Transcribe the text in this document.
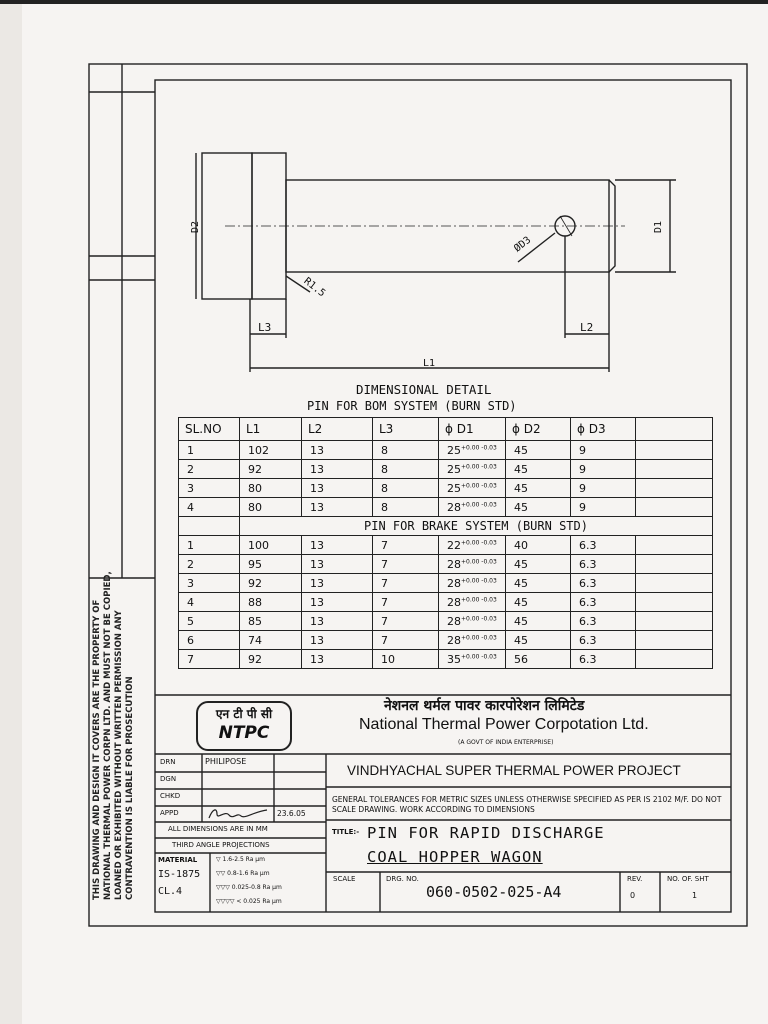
D2	D1
ØD3
R1.5
L3	L2
L1
DIMENSIONAL DETAIL
PIN FOR BOM SYSTEM (BURN STD)
SL.NO	L1	L2	L3	ϕ D1	ϕ D2	ϕ D3	
1	102	13	8	$25^{+0.00 -0.03}$	45	9	
2	92	13	8	$25^{+0.00 -0.03}$	45	9	
3	80	13	8	$25^{+0.00 -0.03}$	45	9	
4	80	13	8	$28^{+0.00 -0.03}$	45	9	
	PIN FOR BRAKE SYSTEM (BURN STD)						
1	100	13	7	$22^{+0.00 -0.03}$	40	6.3	
2	95	13	7	$28^{+0.00 -0.03}$	45	6.3	
3	92	13	7	$28^{+0.00 -0.03}$	45	6.3	
4	88	13	7	$28^{+0.00 -0.03}$	45	6.3	
5	85	13	7	$28^{+0.00 -0.03}$	45	6.3	
6	74	13	7	$28^{+0.00 -0.03}$	45	6.3	
7	92	13	10	$35^{+0.00 -0.03}$	56	6.3	
THIS DRAWING AND DESIGN IT COVERS ARE THE PROPERTY OF NATIONAL THERMAL POWER CORPN LTD. AND MUST NOT BE COPIED, LOANED OR EXHIBITED WITHOUT WRITTEN PERMISSION ANY CONTRAVENTION IS LIABLE FOR PROSECUTION	एन टी पी सी
NTPC
नेशनल थर्मल पावर कारपोरेशन लिमिटेड
National Thermal Power Corpotation Ltd.
(A GOVT OF INDIA ENTERPRISE)
VINDHYACHAL SUPER THERMAL POWER PROJECT
GENERAL TOLERANCES FOR METRIC SIZES UNLESS OTHERWISE SPECIFIED AS PER IS 2102 M/F. DO NOT SCALE DRAWING. WORK ACCORDING TO DIMENSIONS
TITLE:- PIN FOR RAPID DISCHARGE
COAL HOPPER WAGON
DRN	PHILIPOSE
DGN
CHKD
APPD	23.6.05
ALL DIMENSIONS ARE IN MM
THIRD ANGLE PROJECTIONS
MATERIAL
IS-1875
CL.4
▽ 1.6-2.5 Ra µm
▽▽ 0.8-1.6 Ra µm
▽▽▽ 0.025-0.8 Ra µm
▽▽▽▽ < 0.025 Ra µm
SCALE	DRG. NO.
060-0502-025-A4
REV.
0
NO. OF. SHT
1
